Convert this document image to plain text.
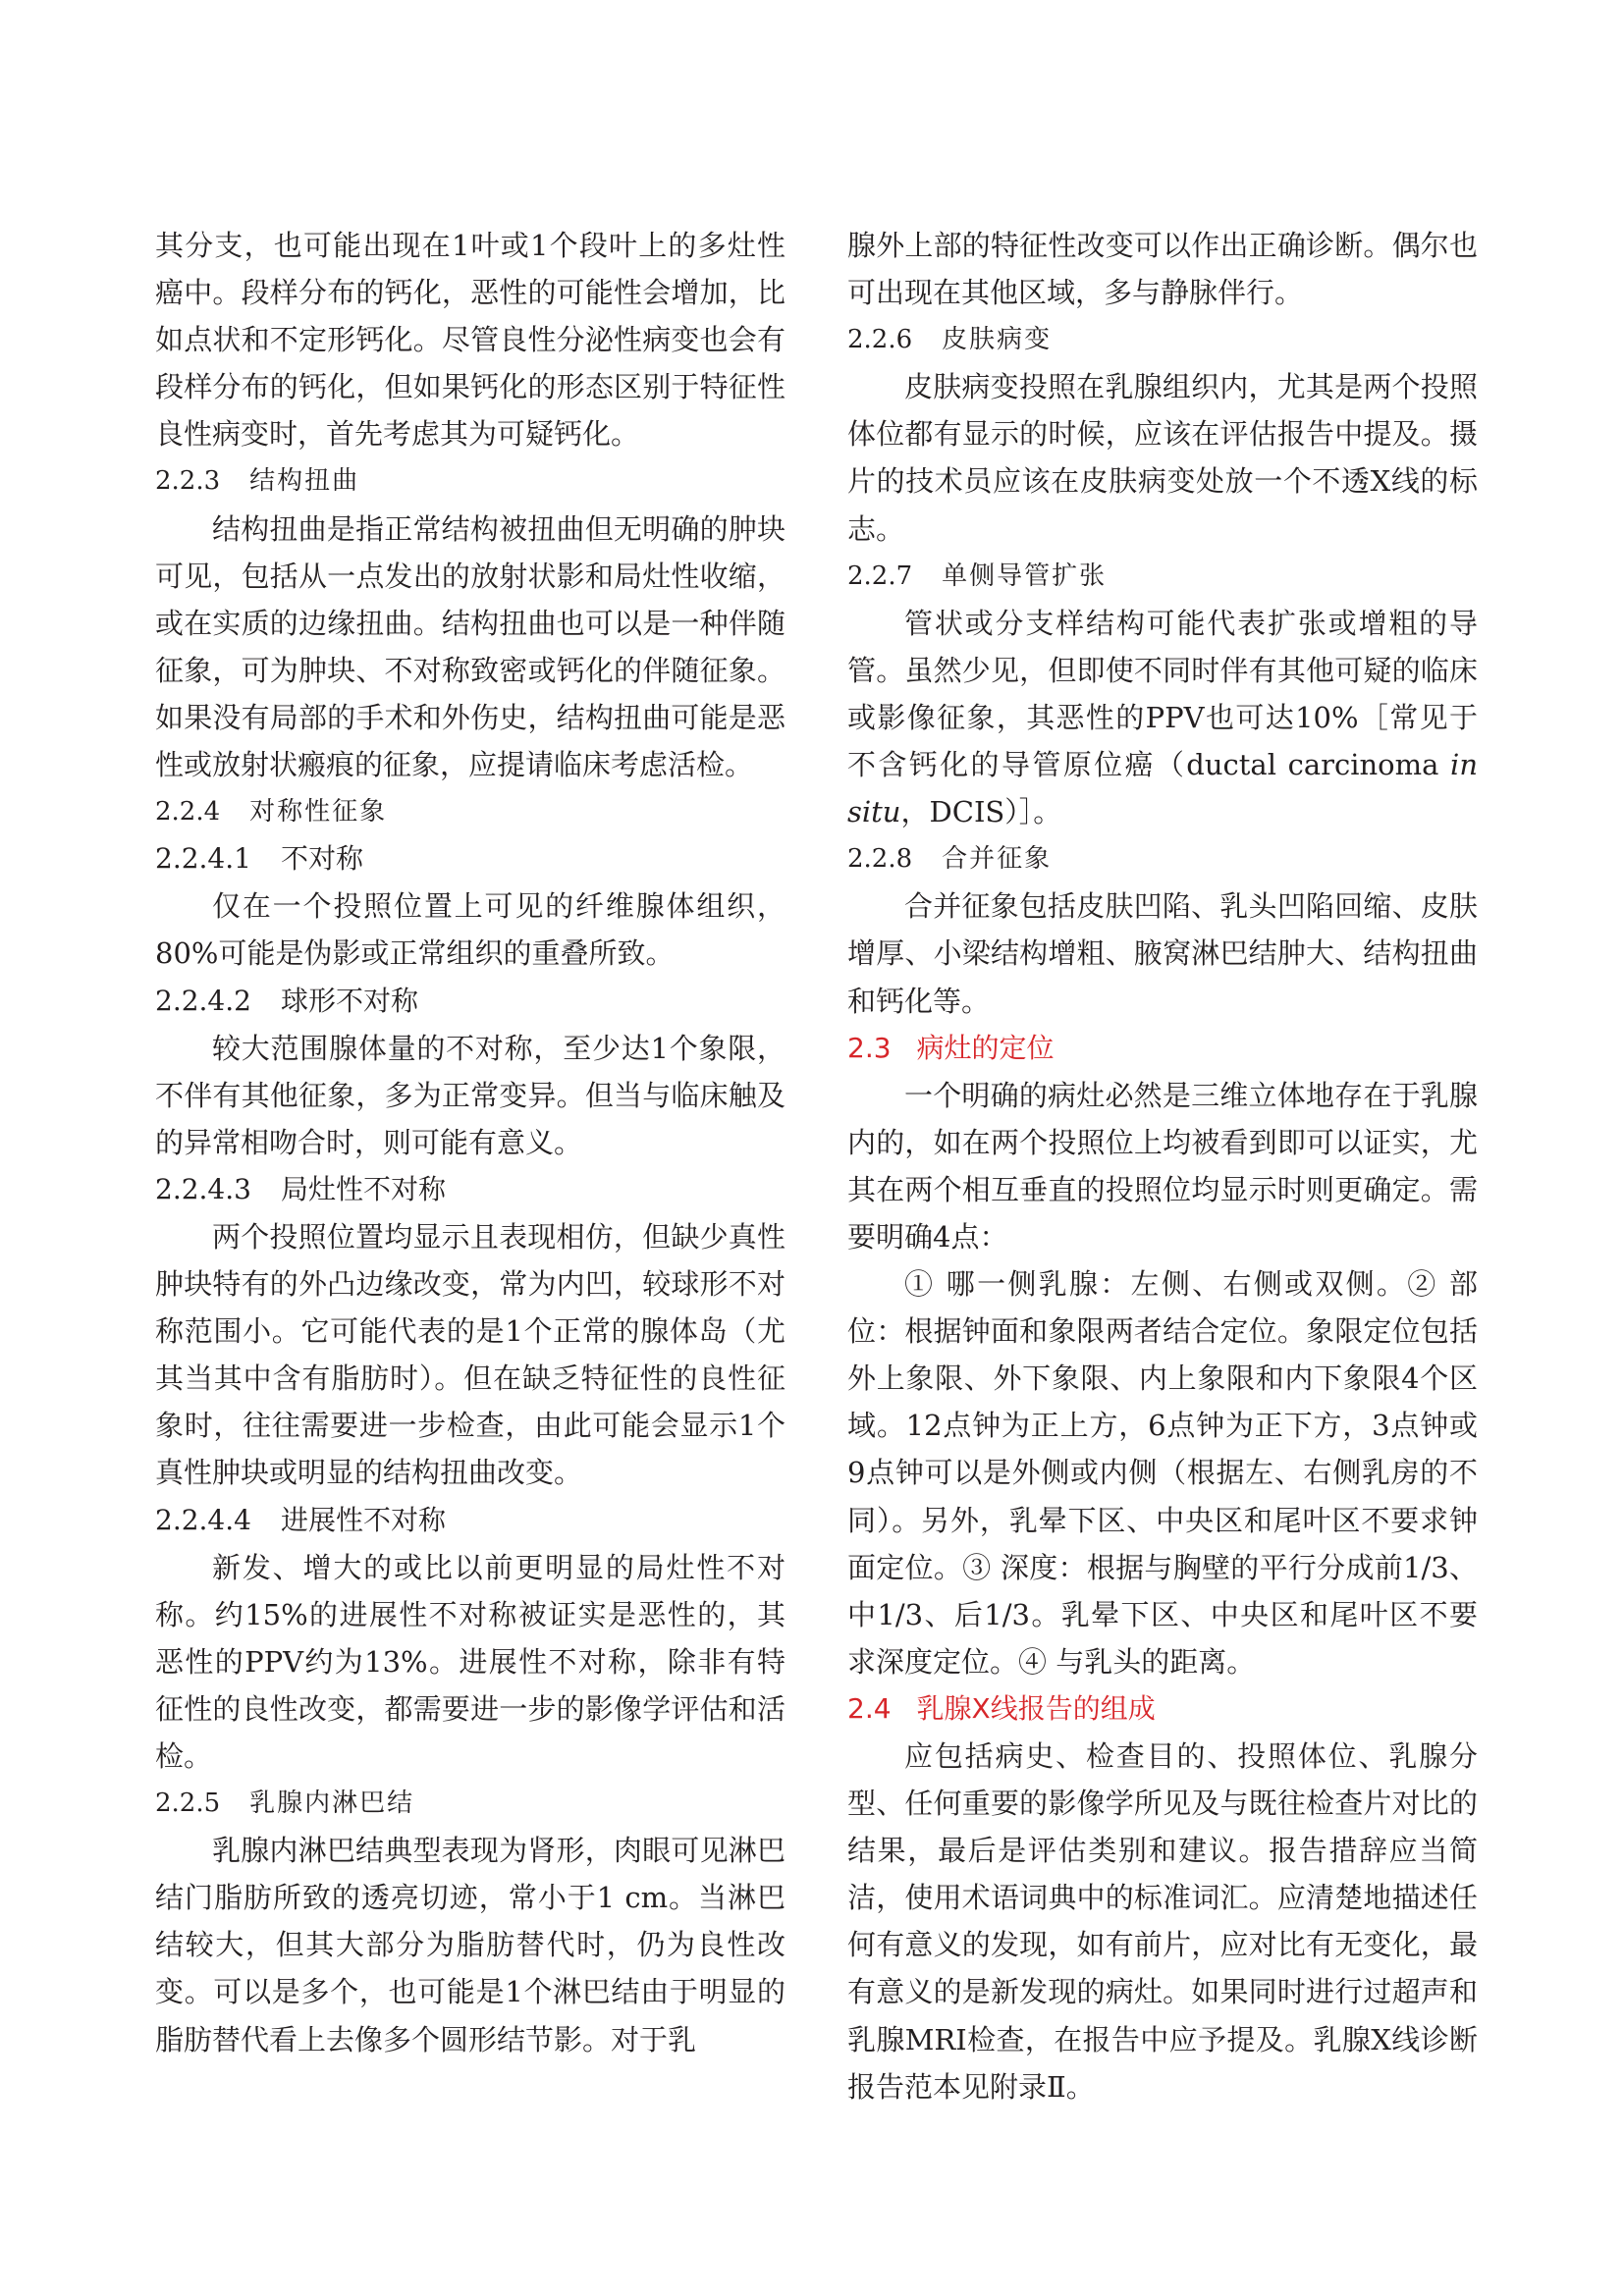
其分支，也可能出现在1叶或1个段叶上的多灶性癌中。段样分布的钙化，恶性的可能性会增加，比如点状和不定形钙化。尽管良性分泌性病变也会有段样分布的钙化，但如果钙化的形态区别于特征性良性病变时，首先考虑其为可疑钙化。

2.2.3 结构扭曲

结构扭曲是指正常结构被扭曲但无明确的肿块可见，包括从一点发出的放射状影和局灶性收缩，或在实质的边缘扭曲。结构扭曲也可以是一种伴随征象，可为肿块、不对称致密或钙化的伴随征象。如果没有局部的手术和外伤史，结构扭曲可能是恶性或放射状瘢痕的征象，应提请临床考虑活检。

2.2.4 对称性征象
2.2.4.1 不对称

仅在一个投照位置上可见的纤维腺体组织，80%可能是伪影或正常组织的重叠所致。

2.2.4.2 球形不对称

较大范围腺体量的不对称，至少达1个象限，不伴有其他征象，多为正常变异。但当与临床触及的异常相吻合时，则可能有意义。

2.2.4.3 局灶性不对称

两个投照位置均显示且表现相仿，但缺少真性肿块特有的外凸边缘改变，常为内凹，较球形不对称范围小。它可能代表的是1个正常的腺体岛（尤其当其中含有脂肪时）。但在缺乏特征性的良性征象时，往往需要进一步检查，由此可能会显示1个真性肿块或明显的结构扭曲改变。

2.2.4.4 进展性不对称

新发、增大的或比以前更明显的局灶性不对称。约15%的进展性不对称被证实是恶性的，其恶性的PPV约为13%。进展性不对称，除非有特征性的良性改变，都需要进一步的影像学评估和活检。

2.2.5 乳腺内淋巴结

乳腺内淋巴结典型表现为肾形，肉眼可见淋巴结门脂肪所致的透亮切迹，常小于1 cm。当淋巴结较大，但其大部分为脂肪替代时，仍为良性改变。可以是多个，也可能是1个淋巴结由于明显的脂肪替代看上去像多个圆形结节影。对于乳

腺外上部的特征性改变可以作出正确诊断。偶尔也可出现在其他区域，多与静脉伴行。

2.2.6 皮肤病变

皮肤病变投照在乳腺组织内，尤其是两个投照体位都有显示的时候，应该在评估报告中提及。摄片的技术员应该在皮肤病变处放一个不透X线的标志。

2.2.7 单侧导管扩张

管状或分支样结构可能代表扩张或增粗的导管。虽然少见，但即使不同时伴有其他可疑的临床或影像征象，其恶性的PPV也可达10%［常见于不含钙化的导管原位癌（ductal carcinoma in situ，DCIS）］。

2.2.8 合并征象

合并征象包括皮肤凹陷、乳头凹陷回缩、皮肤增厚、小梁结构增粗、腋窝淋巴结肿大、结构扭曲和钙化等。

2.3 病灶的定位

一个明确的病灶必然是三维立体地存在于乳腺内的，如在两个投照位上均被看到即可以证实，尤其在两个相互垂直的投照位均显示时则更确定。需要明确4点：

① 哪一侧乳腺：左侧、右侧或双侧。② 部位：根据钟面和象限两者结合定位。象限定位包括外上象限、外下象限、内上象限和内下象限4个区域。12点钟为正上方，6点钟为正下方，3点钟或9点钟可以是外侧或内侧（根据左、右侧乳房的不同）。另外，乳晕下区、中央区和尾叶区不要求钟面定位。③ 深度：根据与胸壁的平行分成前1/3、中1/3、后1/3。乳晕下区、中央区和尾叶区不要求深度定位。④ 与乳头的距离。

2.4 乳腺X线报告的组成

应包括病史、检查目的、投照体位、乳腺分型、任何重要的影像学所见及与既往检查片对比的结果，最后是评估类别和建议。报告措辞应当简洁，使用术语词典中的标准词汇。应清楚地描述任何有意义的发现，如有前片，应对比有无变化，最有意义的是新发现的病灶。如果同时进行过超声和乳腺MRI检查，在报告中应予提及。乳腺X线诊断报告范本见附录Ⅱ。
